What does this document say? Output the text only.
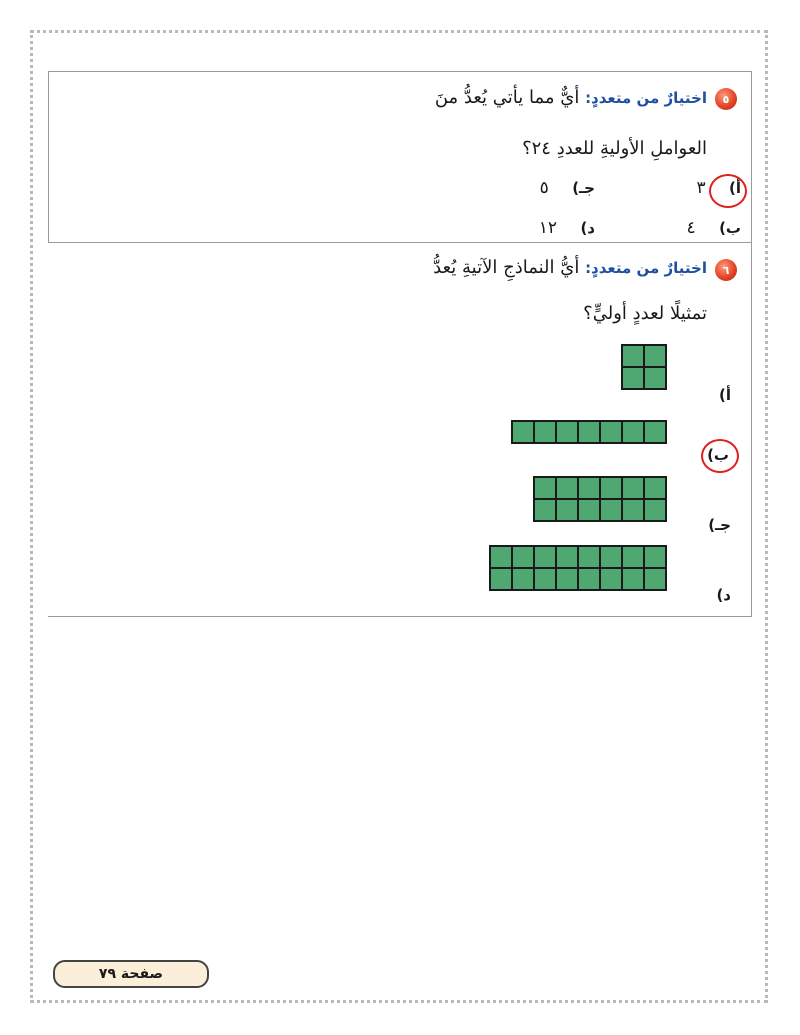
٥
اختيارٌ من متعددٍ: أيٌّ مما يأتي يُعدُّ منَ
العواملِ الأوليةِ للعددِ ٢٤؟
أ) ٣
جـ) ٥
ب) ٤
د) ١٢
٦
اختيارٌ من متعددٍ: أيُّ النماذجِ الآتيةِ يُعدُّ
تمثيلًا لعددٍ أوليٍّ؟
أ)
ب)
جـ)
د)
صفحة ٧٩
